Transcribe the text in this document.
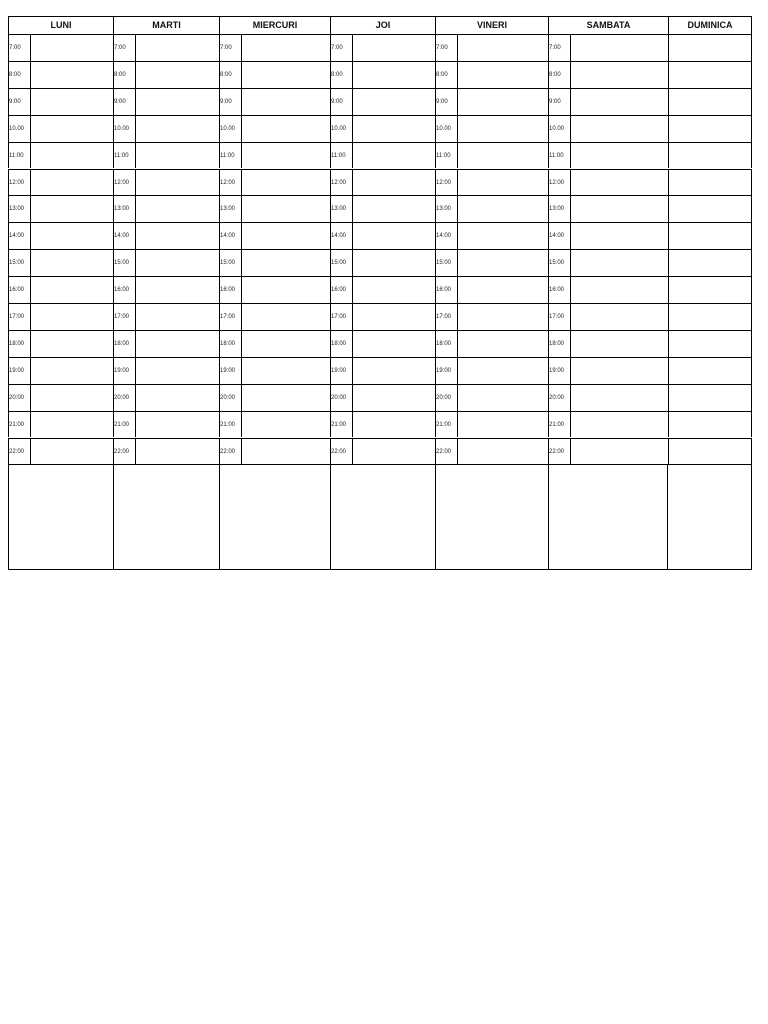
LUNI	MARTI	MIERCURI	JOI	VINERI	SAMBATA	DUMINICA
7:00	7:00	7:00	7:00	7:00	7:00
8:00	8:00	8:00	8:00	8:00	8:00
9:00	9:00	9:00	9:00	9:00	9:00
10.00	10.00	10.00	10.00	10.00	10.00
11:00	11:00	11:00	11:00	11:00	11:00
12:00	12:00	12:00	12:00	12:00	12:00
13:00	13:00	13:00	13:00	13:00	13:00
14:00	14:00	14:00	14:00	14:00	14:00
15:00	15:00	15:00	15:00	15:00	15:00
16:00	16:00	16:00	16:00	16:00	16:00
17:00	17:00	17:00	17:00	17:00	17:00
18:00	18:00	18:00	18:00	18:00	18:00
19:00	19:00	19:00	19:00	19:00	19:00
20:00	20:00	20:00	20:00	20:00	20:00
21:00	21:00	21:00	21:00	21:00	21:00
22:00	22:00	22:00	22:00	22:00	22:00
